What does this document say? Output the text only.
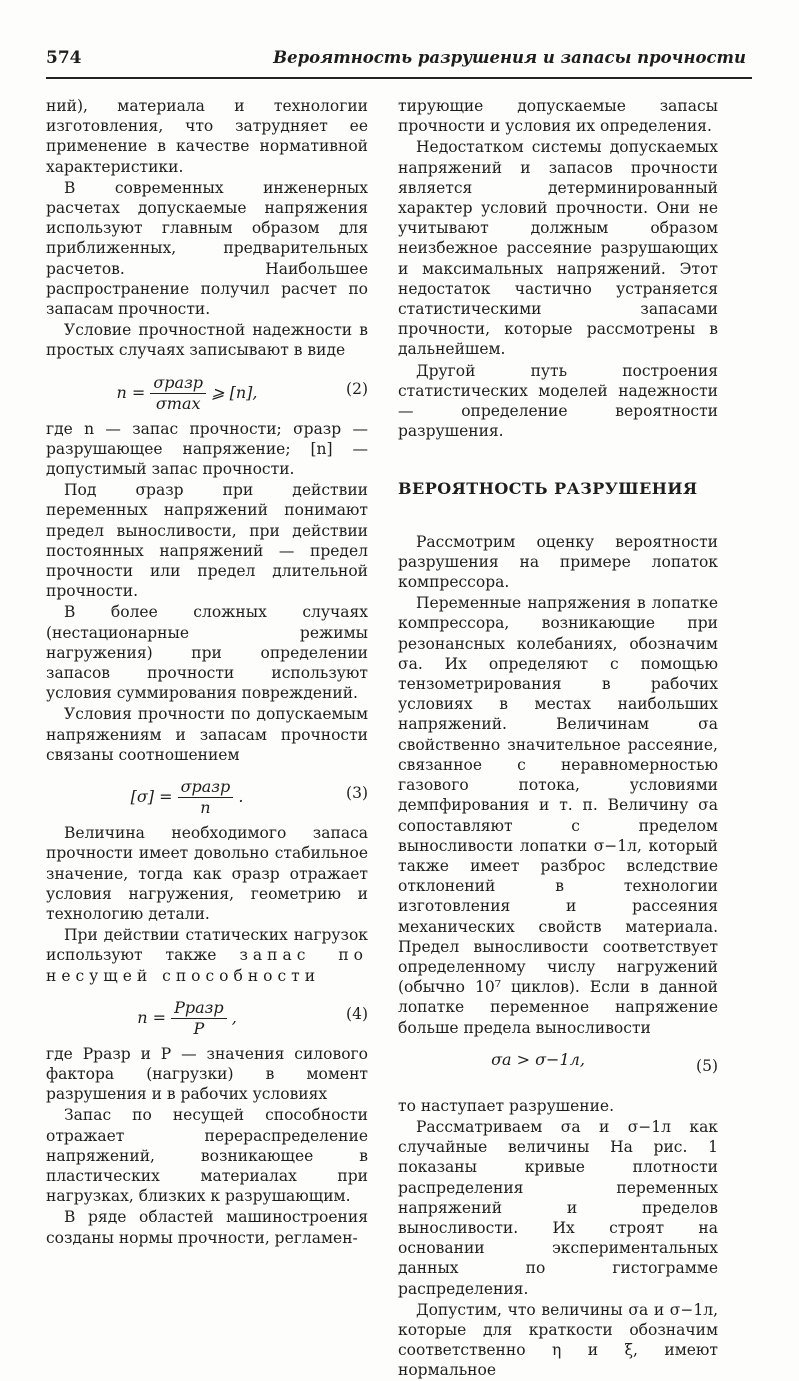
574	Вероятность разрушения и запасы прочности

ний), материала и технологии изготовления, что затрудняет ее применение в качестве нормативной характеристики.

В современных инженерных расчетах допускаемые напряжения используют главным образом для приближенных, предварительных расчетов. Наибольшее распространение получил расчет по запасам прочности.

Условие прочностной надежности в простых случаях записывают в виде

$n = \frac{\text{σразр}}{\sigma\max}$ ⩾ [n],	(2)

где n — запас прочности; σразр — разрушающее напряжение; [n] — допустимый запас прочности.

Под σразр при действии переменных напряжений понимают предел выносливости, при действии постоянных напряжений — предел прочности или предел длительной прочности.

В более сложных случаях (нестационарные режимы нагружения) при определении запасов прочности используют условия суммирования повреждений.

Условия прочности по допускаемым напряжениям и запасам прочности связаны соотношением

$[\sigma] = \frac{\text{σразр}}{n}$ .	(3)

Величина необходимого запаса прочности имеет довольно стабильное значение, тогда как σразр отражает условия нагружения, геометрию и технологию детали.

При действии статических нагрузок используют также запас по несущей способности

$n = \frac{\text{Pразр}}{P}$ ,	(4)

где Pразр и P — значения силового фактора (нагрузки) в момент разрушения и в рабочих условиях

Запас по несущей способности отражает перераспределение напряжений, возникающее в пластических материалах при нагрузках, близких к разрушающим.

В ряде областей машиностроения созданы нормы прочности, регламен-

тирующие допускаемые запасы прочности и условия их определения.

Недостатком системы допускаемых напряжений и запасов прочности является детерминированный характер условий прочности. Они не учитывают должным образом неизбежное рассеяние разрушающих и максимальных напряжений. Этот недостаток частично устраняется статистическими запасами прочности, которые рассмотрены в дальнейшем.

Другой путь построения статистических моделей надежности — определение вероятности разрушения.

ВЕРОЯТНОСТЬ РАЗРУШЕНИЯ

Рассмотрим оценку вероятности разрушения на примере лопаток компрессора.

Переменные напряжения в лопатке компрессора, возникающие при резонансных колебаниях, обозначим σa. Их определяют с помощью тензометрирования в рабочих условиях в местах наибольших напряжений. Величинам σa свойственно значительное рассеяние, связанное с неравномерностью газового потока, условиями демпфирования и т. п. Величину σa сопоставляют с пределом выносливости лопатки σ−1л, который также имеет разброс вследствие отклонений в технологии изготовления и рассеяния механических свойств материала. Предел выносливости соответствует определенному числу нагружений (обычно 10⁷ циклов). Если в данной лопатке переменное напряжение больше предела выносливости

σa > σ−1л,	(5)

то наступает разрушение.

Рассматриваем σa и σ−1л как случайные величины На рис. 1 показаны кривые плотности распределения переменных напряжений и пределов выносливости. Их строят на основании экспериментальных данных по гистограмме распределения.

Допустим, что величины σa и σ−1л, которые для краткости обозначим соответственно η и ξ, имеют нормальное
